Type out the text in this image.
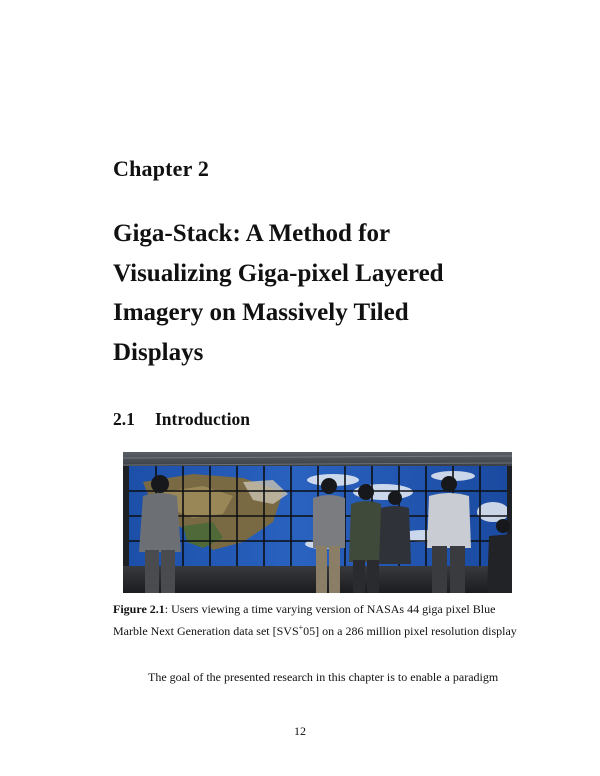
Chapter 2
Giga-Stack: A Method for
Visualizing Giga-pixel Layered
Imagery on Massively Tiled
Displays
2.1 Introduction
Figure 2.1: Users viewing a time varying version of NASAs 44 giga pixel Blue
Marble Next Generation data set [SVS+05] on a 286 million pixel resolution display
The goal of the presented research in this chapter is to enable a paradigm
12
